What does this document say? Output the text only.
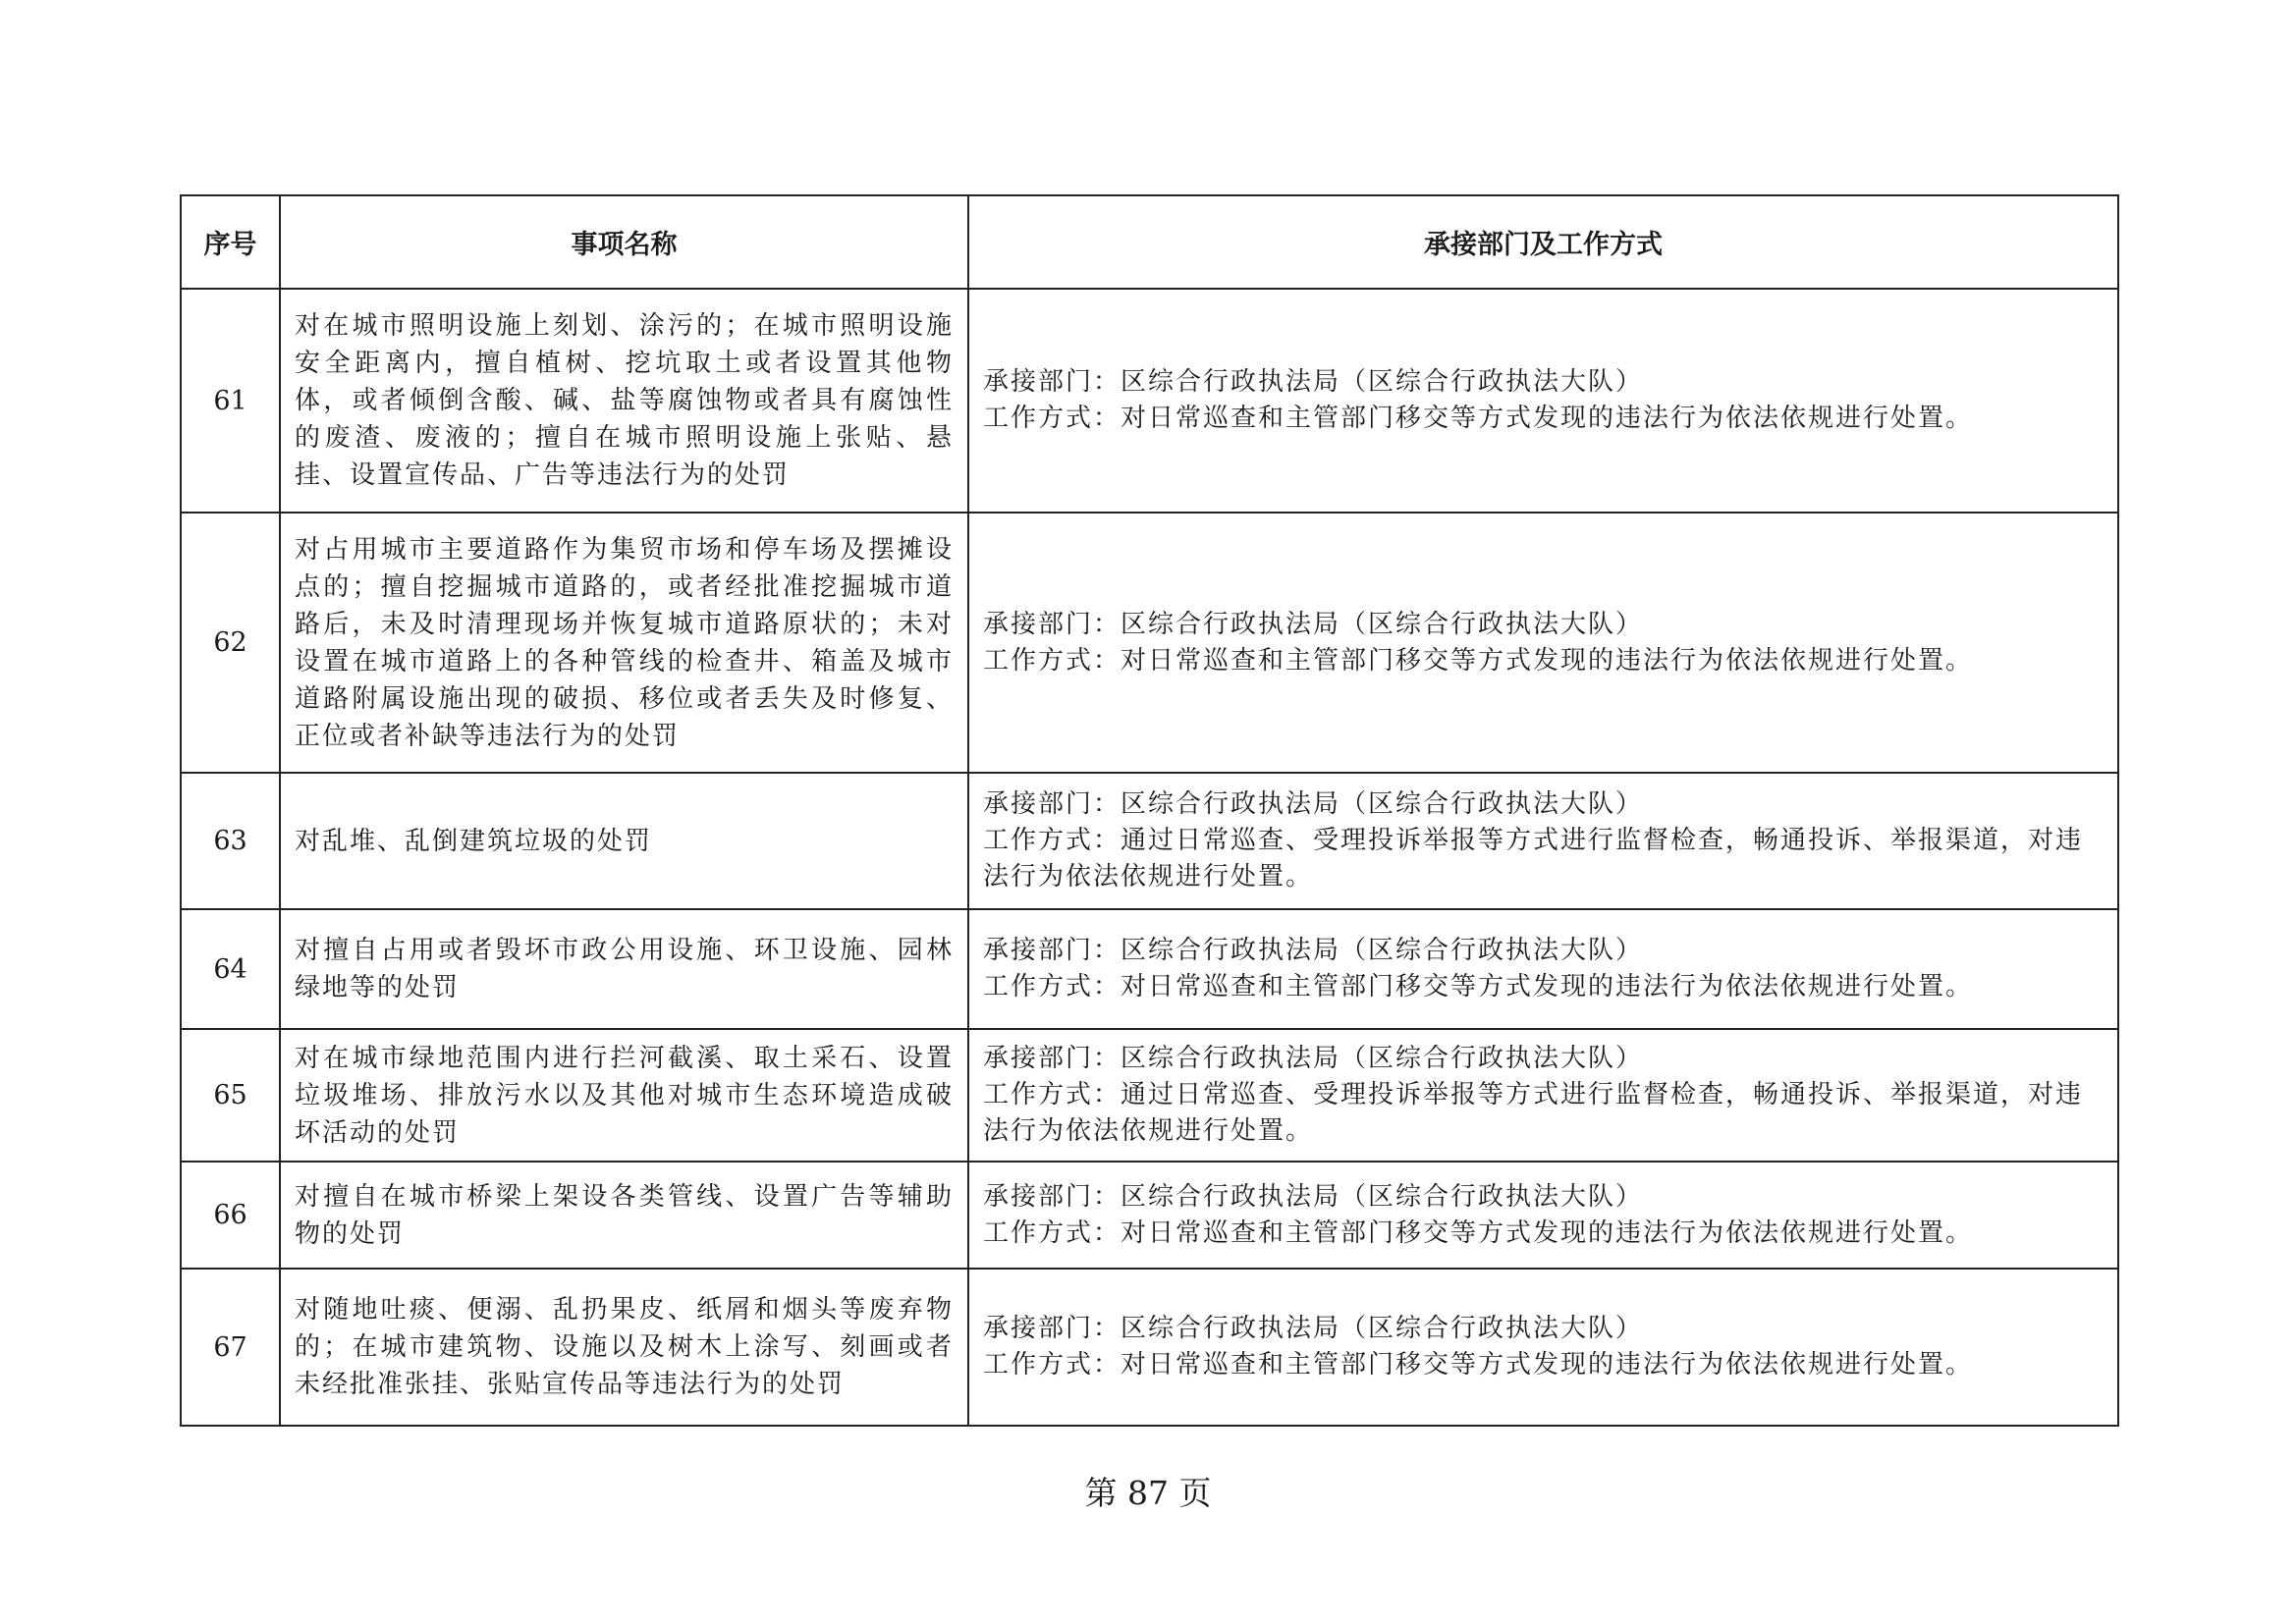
序号	事项名称	承接部门及工作方式
61	对在城市照明设施上刻划、涂污的；在城市照明设施安全距离内，擅自植树、挖坑取土或者设置其他物体，或者倾倒含酸、碱、盐等腐蚀物或者具有腐蚀性的废渣、废液的；擅自在城市照明设施上张贴、悬挂、设置宣传品、广告等违法行为的处罚	承接部门：区综合行政执法局（区综合行政执法大队）
工作方式：对日常巡查和主管部门移交等方式发现的违法行为依法依规进行处置。

62	对占用城市主要道路作为集贸市场和停车场及摆摊设点的；擅自挖掘城市道路的，或者经批准挖掘城市道路后，未及时清理现场并恢复城市道路原状的；未对设置在城市道路上的各种管线的检查井、箱盖及城市道路附属设施出现的破损、移位或者丢失及时修复、正位或者补缺等违法行为的处罚	承接部门：区综合行政执法局（区综合行政执法大队）
工作方式：对日常巡查和主管部门移交等方式发现的违法行为依法依规进行处置。

63	对乱堆、乱倒建筑垃圾的处罚	承接部门：区综合行政执法局（区综合行政执法大队）
工作方式：通过日常巡查、受理投诉举报等方式进行监督检查，畅通投诉、举报渠道，对违法行为依法依规进行处置。

64	对擅自占用或者毁坏市政公用设施、环卫设施、园林绿地等的处罚	承接部门：区综合行政执法局（区综合行政执法大队）
工作方式：对日常巡查和主管部门移交等方式发现的违法行为依法依规进行处置。

65	对在城市绿地范围内进行拦河截溪、取土采石、设置垃圾堆场、排放污水以及其他对城市生态环境造成破坏活动的处罚	承接部门：区综合行政执法局（区综合行政执法大队）
工作方式：通过日常巡查、受理投诉举报等方式进行监督检查，畅通投诉、举报渠道，对违法行为依法依规进行处置。

66	对擅自在城市桥梁上架设各类管线、设置广告等辅助物的处罚	承接部门：区综合行政执法局（区综合行政执法大队）
工作方式：对日常巡查和主管部门移交等方式发现的违法行为依法依规进行处置。

67	对随地吐痰、便溺、乱扔果皮、纸屑和烟头等废弃物的；在城市建筑物、设施以及树木上涂写、刻画或者未经批准张挂、张贴宣传品等违法行为的处罚	承接部门：区综合行政执法局（区综合行政执法大队）
工作方式：对日常巡查和主管部门移交等方式发现的违法行为依法依规进行处置。
第 87 页
